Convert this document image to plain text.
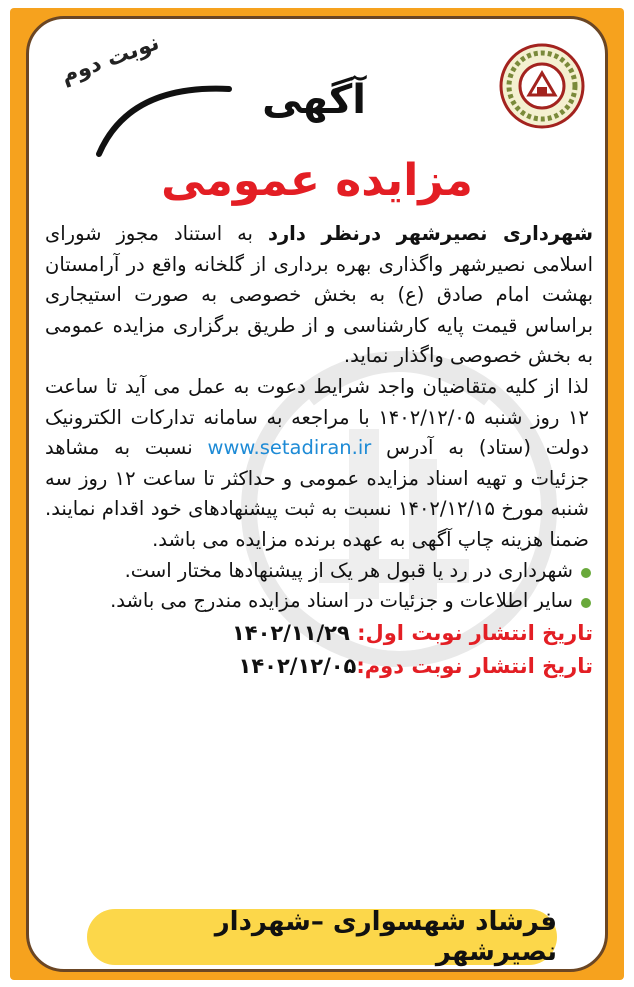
نوبت دوم
آگهی
مزایده عمومی

شهرداری نصیرشهر درنظر دارد به استناد مجوز شورای اسلامی نصیرشهر واگذاری بهره برداری از گلخانه واقع در آرامستان بهشت امام صادق (ع) به بخش خصوصی به صورت استیجاری براساس قیمت پایه کارشناسی و از طریق برگزاری مزایده عمومی به بخش خصوصی واگذار نماید.

لذا از کلیه متقاضیان واجد شرایط دعوت به عمل می آید تا ساعت ۱۲ روز شنبه ۱۴۰۲/۱۲/۰۵ با مراجعه به سامانه تدارکات الکترونیک دولت (ستاد) به آدرس www.setadiran.ir نسبت به مشاهد جزئیات و تهیه اسناد مزایده عمومی و حداکثر تا ساعت ۱۲ روز سه شنبه مورخ ۱۴۰۲/۱۲/۱۵ نسبت به ثبت پیشنهادهای خود اقدام نمایند. ضمنا هزینه چاپ آگهی به عهده برنده مزایده می باشد.

شهرداری در رد یا قبول هر یک از پیشنهادها مختار است.
سایر اطلاعات و جزئیات در اسناد مزایده مندرج می باشد.
تاریخ انتشار نوبت اول: ۱۴۰۲/۱۱/۲۹
تاریخ انتشار نوبت دوم:۱۴۰۲/۱۲/۰۵
فرشاد شهسواری –شهردار نصیرشهر
